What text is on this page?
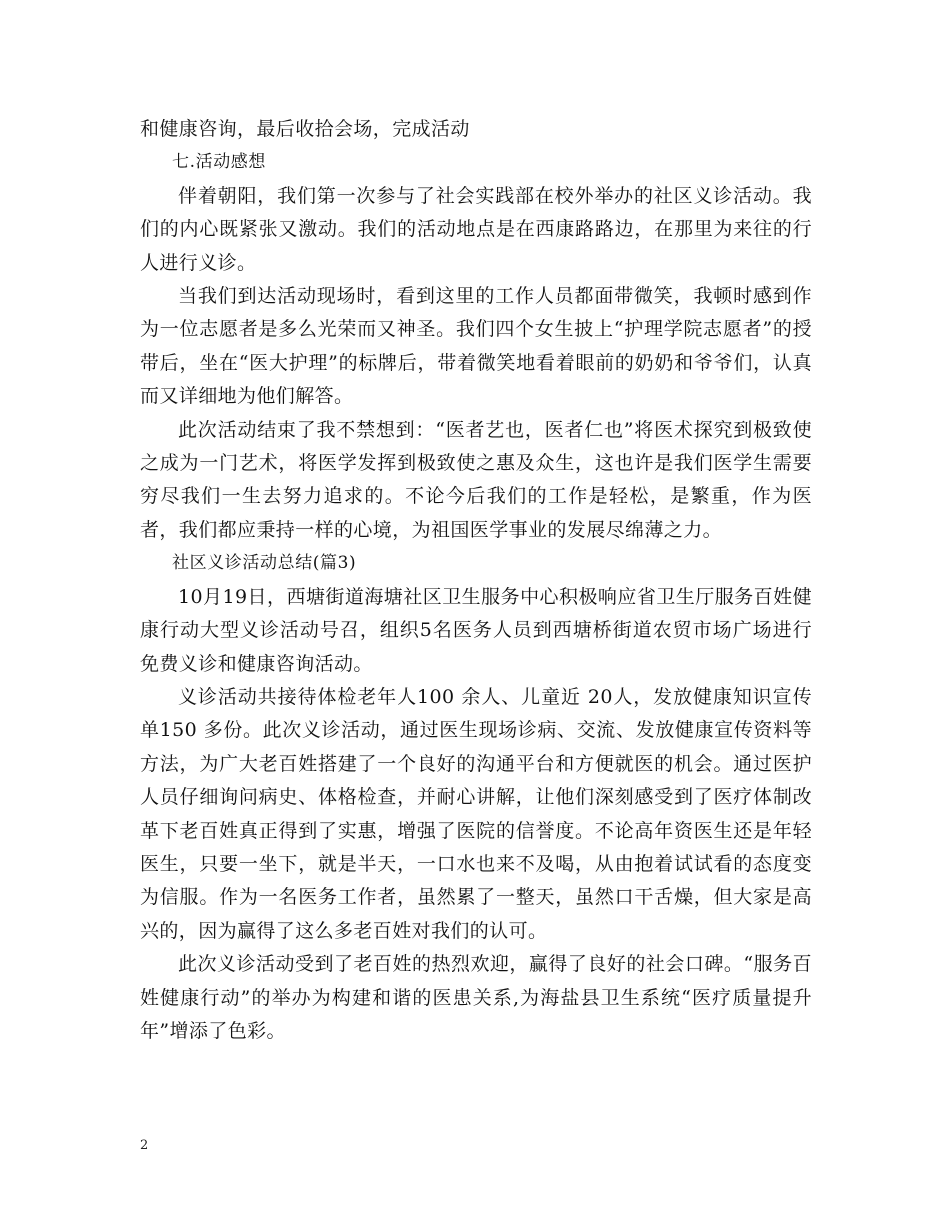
和健康咨询，最后收拾会场，完成活动

七.活动感想

伴着朝阳，我们第一次参与了社会实践部在校外举办的社区义诊活动。我们的内心既紧张又激动。我们的活动地点是在西康路路边，在那里为来往的行人进行义诊。

当我们到达活动现场时，看到这里的工作人员都面带微笑，我顿时感到作为一位志愿者是多么光荣而又神圣。我们四个女生披上“护理学院志愿者”的授带后，坐在“医大护理”的标牌后，带着微笑地看着眼前的奶奶和爷爷们，认真而又详细地为他们解答。

此次活动结束了我不禁想到：“医者艺也，医者仁也”将医术探究到极致使之成为一门艺术，将医学发挥到极致使之惠及众生，这也许是我们医学生需要穷尽我们一生去努力追求的。不论今后我们的工作是轻松，是繁重，作为医者，我们都应秉持一样的心境，为祖国医学事业的发展尽绵薄之力。

社区义诊活动总结(篇3)

10月19日，西塘街道海塘社区卫生服务中心积极响应省卫生厅服务百姓健康行动大型义诊活动号召，组织5名医务人员到西塘桥街道农贸市场广场进行免费义诊和健康咨询活动。

义诊活动共接待体检老年人100 余人、儿童近 20人，发放健康知识宣传单150 多份。此次义诊活动，通过医生现场诊病、交流、发放健康宣传资料等方法，为广大老百姓搭建了一个良好的沟通平台和方便就医的机会。通过医护人员仔细询问病史、体格检查，并耐心讲解，让他们深刻感受到了医疗体制改革下老百姓真正得到了实惠，增强了医院的信誉度。不论高年资医生还是年轻医生，只要一坐下，就是半天，一口水也来不及喝，从由抱着试试看的态度变为信服。作为一名医务工作者，虽然累了一整天，虽然口干舌燥，但大家是高兴的，因为赢得了这么多老百姓对我们的认可。

此次义诊活动受到了老百姓的热烈欢迎，赢得了良好的社会口碑。“服务百姓健康行动”的举办为构建和谐的医患关系,为海盐县卫生系统“医疗质量提升年”增添了色彩。

2
